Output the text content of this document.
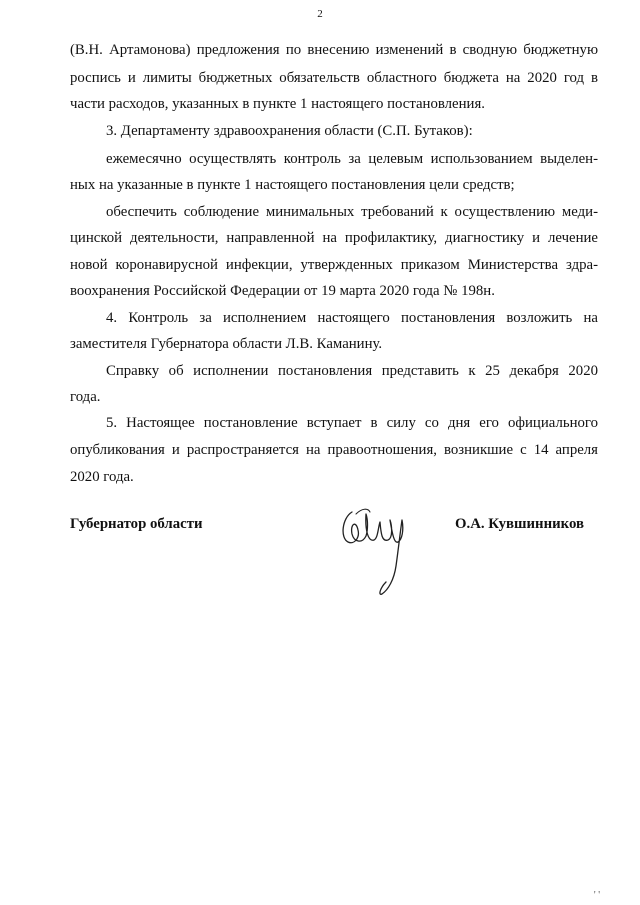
2
(В.Н. Артамонова) предложения по внесению изменений в сводную бюджетную
роспись и лимиты бюджетных обязательств областного бюджета на 2020 год в
части расходов, указанных в пункте 1 настоящего постановления.
3. Департаменту здравоохранения области (С.П. Бутаков):
ежемесячно осуществлять контроль за целевым использованием выделен-
ных на указанные в пункте 1 настоящего постановления цели средств;
обеспечить соблюдение минимальных требований к осуществлению меди-
цинской деятельности, направленной на профилактику, диагностику и лечение
новой коронавирусной инфекции, утвержденных приказом Министерства здра-
воохранения Российской Федерации от 19 марта 2020 года № 198н.
4. Контроль за исполнением настоящего постановления возложить на
заместителя Губернатора области Л.В. Каманину.
Справку об исполнении постановления представить к 25 декабря 2020
года.
5. Настоящее постановление вступает в силу со дня его официального
опубликования и распространяется на правоотношения, возникшие с 14 апреля
2020 года.
Губернатор области	О.А. Кувшинников
' '
